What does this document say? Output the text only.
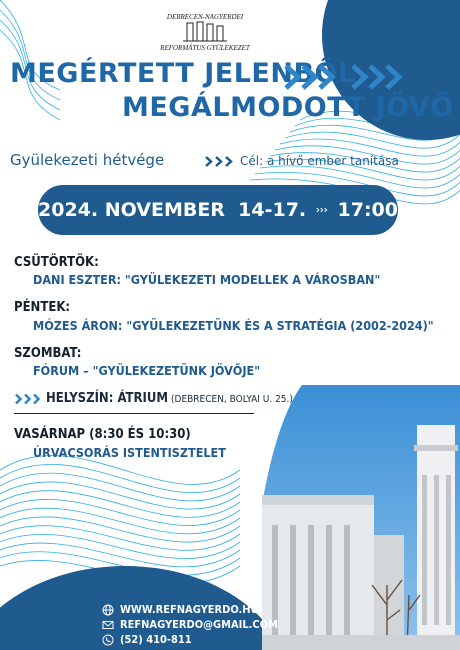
DEBRECEN-NAGYERDEI
REFORMÁTUS GYÜLEKEZET
MEGÉRTETT JELENBŐL
MEGÁLMODOTT JÖVŐ
Gyülekezeti hétvége	Cél: a hívő ember tanítása
2024. NOVEMBER  14-17. 17:00
CSÜTÖRTÖK:
DANI ESZTER: "GYÜLEKEZETI MODELLEK A VÁROSBAN"
PÉNTEK:
MÓZES ÁRON: "GYÜLEKEZETÜNK ÉS A STRATÉGIA (2002-2024)"
SZOMBAT:
FÓRUM – "GYÜLEKEZETÜNK JÖVŐJE"
HELYSZÍN: ÁTRIUM (DEBRECEN, BOLYAI U. 25.)
VASÁRNAP (8:30 ÉS 10:30)
ÚRVACSORÁS ISTENTISZTELET
WWW.REFNAGYERDO.HU
REFNAGYERDO@GMAIL.COM
(52) 410-811
